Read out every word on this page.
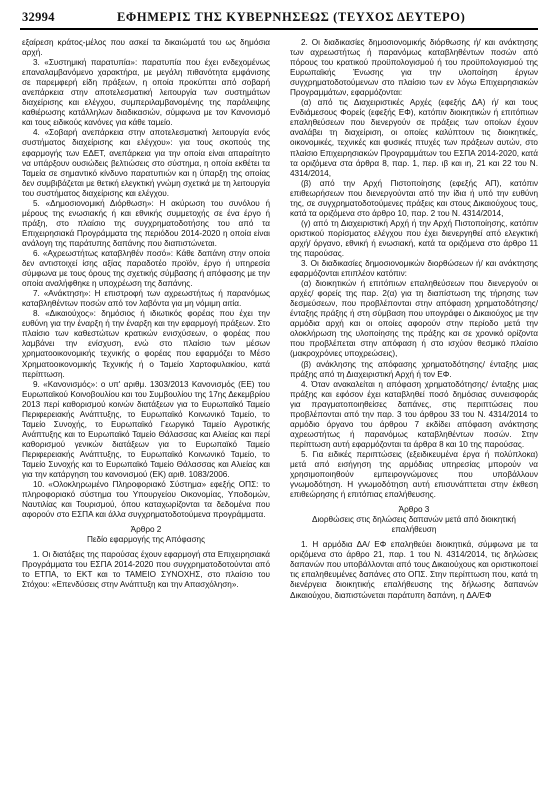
32994	ΕΦΗΜΕΡΙΣ ΤΗΣ ΚΥΒΕΡΝΗΣΕΩΣ (ΤΕΥΧΟΣ ΔΕΥΤΕΡΟ)

εξαίρεση κράτος-μέλος που ασκεί τα δικαιώματά του ως δημόσια αρχή.

3. «Συστημική παρατυπία»: παρατυπία που έχει ενδεχομένως επαναλαμβανόμενο χαρακτήρα, με μεγάλη πιθανότητα εμφάνισης σε παρεμφερή είδη πράξεων, η οποία προκύπτει από σοβαρή ανεπάρκεια στην αποτελεσματική λειτουργία των συστημάτων διαχείρισης και ελέγχου, συμπεριλαμβανομένης της παράλειψης καθιέρωσης κατάλληλων διαδικασιών, σύμφωνα με τον Κανονισμό και τους ειδικούς κανόνες για κάθε ταμείο.

4. «Σοβαρή ανεπάρκεια στην αποτελεσματική λειτουργία ενός συστήματος διαχείρισης και ελέγχου»: για τους σκοπούς της εφαρμογής των ΕΔΕΤ, ανεπάρκεια για την οποία είναι απαραίτητο να υπάρξουν ουσιώδεις βελτιώσεις στο σύστημα, η οποία εκθέτει τα Ταμεία σε σημαντικό κίνδυνο παρατυπιών και η ύπαρξη της οποίας δεν συμβιβάζεται με θετική ελεγκτική γνώμη σχετικά με τη λειτουργία του συστήματος διαχείρισης και ελέγχου.

5. «Δημοσιονομική Διόρθωση»: Η ακύρωση του συνόλου ή μέρους της ενωσιακής ή και εθνικής συμμετοχής σε ένα έργο ή πράξη, στο πλαίσιο της συγχρηματοδοτήσης του από τα Επιχειρησιακά Προγράμματα της περιόδου 2014-2020 η οποία είναι ανάλογη της παράτυπης δαπάνης που διαπιστώνεται.

6. «Αχρεωστήτως καταβληθέν ποσό»: Κάθε δαπάνη στην οποία δεν αντιστοιχεί ίσης αξίας παραδοτέο προϊόν, έργο ή υπηρεσία σύμφωνα με τους όρους της σχετικής σύμβασης ή απόφασης με την οποία αναλήφθηκε η υποχρέωση της δαπάνης.

7. «Ανάκτηση»: Η επιστροφή των αχρεωστήτως ή παρανόμως καταβληθέντων ποσών από τον λαβόντα για μη νόμιμη αιτία.

8. «Δικαιούχος»: δημόσιος ή ιδιωτικός φορέας που έχει την ευθύνη για την έναρξη ή την έναρξη και την εφαρμογή πράξεων. Στο πλαίσιο των καθεστώτων κρατικών ενισχύσεων, ο φορέας που λαμβάνει την ενίσχυση, ενώ στο πλαίσιο των μέσων χρηματοοικονομικής τεχνικής ο φορέας που εφαρμόζει το Μέσο Χρηματοοικονομικής Τεχνικής ή ο Ταμείο Χαρτοφυλακίου, κατά περίπτωση.

9. «Κανονισμός»: ο υπ' αριθμ. 1303/2013 Κανονισμός (ΕΕ) του Ευρωπαϊκού Κοινοβουλίου και του Συμβουλίου της 17ης Δεκεμβρίου 2013 περί καθορισμού κοινών διατάξεων για το Ευρωπαϊκό Ταμείο Περιφερειακής Ανάπτυξης, το Ευρωπαϊκό Κοινωνικό Ταμείο, το Ταμείο Συνοχής, το Ευρωπαϊκό Γεωργικό Ταμείο Αγροτικής Ανάπτυξης και το Ευρωπαϊκό Ταμείο Θάλασσας και Αλιείας και περί καθορισμού γενικών διατάξεων για το Ευρωπαϊκό Ταμείο Περιφερειακής Ανάπτυξης, το Ευρωπαϊκό Κοινωνικό Ταμείο, το Ταμείο Συνοχής και το Ευρωπαϊκό Ταμείο Θάλασσας και Αλιείας και για την κατάργηση του κανονισμού (ΕΚ) αριθ. 1083/2006.

10. «Ολοκληρωμένο Πληροφοριακό Σύστημα» εφεξής ΟΠΣ: το πληροφοριακό σύστημα του Υπουργείου Οικονομίας, Υποδομών, Ναυτιλίας και Τουρισμού, όπου καταχωρίζονται τα δεδομένα που αφορούν στο ΕΣΠΑ και άλλα συγχρηματοδοτούμενα προγράμματα.

Άρθρο 2

Πεδίο εφαρμογής της Απόφασης

1. Οι διατάξεις της παρούσας έχουν εφαρμογή στα Επιχειρησιακά Προγράμματα του ΕΣΠΑ 2014-2020 που συγχρηματοδοτούνται από το ΕΤΠΑ, το ΕΚΤ και το ΤΑΜΕΙΟ ΣΥΝΟΧΗΣ, στο πλαίσιο του Στόχου: «Επενδύσεις στην Ανάπτυξη και την Απασχόληση».

2. Οι διαδικασίες δημοσιονομικής διόρθωσης ή/ και ανάκτησης των αχρεωστήτως ή παρανόμως καταβληθέντων ποσών από πόρους του κρατικού προϋπολογισμού ή του προϋπολογισμού της Ευρωπαϊκής Ένωσης για την υλοποίηση έργων συγχρηματοδοτούμενων στο πλαίσιο των εν λόγω Επιχειρησιακών Προγραμμάτων, εφαρμόζονται:

(α) από τις Διαχειριστικές Αρχές (εφεξής ΔΑ) ή/ και τους Ενδιάμεσους Φορείς (εφεξής ΕΦ), κατόπιν διοικητικών ή επιτόπιων επαληθεύσεων που διενεργούν σε πράξεις των οποίων έχουν αναλάβει τη διαχείριση, οι οποίες καλύπτουν τις διοικητικές, οικονομικές, τεχνικές και φυσικές πτυχές των πράξεων αυτών, στο πλαίσιο Επιχειρησιακών Προγραμμάτων του ΕΣΠΑ 2014-2020, κατά τα οριζόμενα στα άρθρα 8, παρ. 1, περ. ιβ και ιη, 21 και 22 του Ν. 4314/2014,

(β) από την Αρχή Πιστοποίησης (εφεξής ΑΠ), κατόπιν επιθεωρήσεων που διενεργούνται από την ίδια ή υπό την ευθύνη της, σε συγχρηματοδοτούμενες πράξεις και στους Δικαιούχους τους, κατά τα οριζόμενα στο άρθρο 10, παρ. 2 του Ν. 4314/2014,

(γ) από τη Διαχειριστική Αρχή ή την Αρχή Πιστοποίησης, κατόπιν οριστικού πορίσματος ελέγχου που έχει διενεργηθεί από ελεγκτική αρχή/ όργανο, εθνική ή ενωσιακή, κατά τα οριζόμενα στο άρθρο 11 της παρούσας.

3. Οι διαδικασίες δημοσιονομικών διορθώσεων ή/ και ανάκτησης εφαρμόζονται επιπλέον κατόπιν:

(α) διοικητικών ή επιτόπιων επαληθεύσεων που διενεργούν οι αρχές/ φορείς της παρ. 2(α) για τη διαπίστωση της τήρησης των δεσμεύσεων, που προβλέπονται στην απόφαση χρηματοδότησης/ ένταξης πράξης ή στη σύμβαση που υπογράφει ο Δικαιούχος με την αρμόδια αρχή και οι οποίες αφορούν στην περίοδο μετά την ολοκλήρωση της υλοποίησης της πράξης και σε χρονικό ορίζοντα που προβλέπεται στην απόφαση ή στο ισχύον θεσμικό πλαίσιο (μακροχρόνιες υποχρεώσεις),

(β) ανάκλησης της απόφασης χρηματοδότησης/ ένταξης μιας πράξης από τη Διαχειριστική Αρχή ή τον ΕΦ.

4. Όταν ανακαλείται η απόφαση χρηματοδότησης/ ένταξης μιας πράξης και εφόσον έχει καταβληθεί ποσό δημόσιας συνεισφοράς για πραγματοποιηθείσες δαπάνες, στις περιπτώσεις που προβλέπονται από την παρ. 3 του άρθρου 33 του Ν. 4314/2014 το αρμόδιο όργανο του άρθρου 7 εκδίδει απόφαση ανάκτησης αχρεωστήτως ή παρανόμως καταβληθέντων ποσών. Στην περίπτωση αυτή εφαρμόζονται τα άρθρα 8 και 10 της παρούσας.

5. Για ειδικές περιπτώσεις (εξειδικευμένα έργα ή πολύπλοκα) μετά από εισήγηση της αρμόδιας υπηρεσίας μπορούν να χρησιμοποιηθούν εμπειρογνώμονες που υποβάλλουν γνωμοδότηση. Η γνωμοδότηση αυτή επισυνάπτεται στην έκθεση επιθεώρησης ή επιτόπιας επαλήθευσης.

Άρθρο 3

Διορθώσεις στις δηλώσεις δαπανών μετά από διοικητική επαλήθευση

1. Η αρμόδια ΔΑ/ ΕΦ επαληθεύει διοικητικά, σύμφωνα με τα οριζόμενα στο άρθρο 21, παρ. 1 του Ν. 4314/2014, τις δηλώσεις δαπανών που υποβάλλονται από τους Δικαιούχους και οριστικοποιεί τις επαληθευμένες δαπάνες στο ΟΠΣ. Στην περίπτωση που, κατά τη διενέργεια διοικητικής επαλήθευσης της δήλωσης δαπανών Δικαιούχου, διαπιστώνεται παράτυπη δαπάνη, η ΔΑ/ΕΦ
